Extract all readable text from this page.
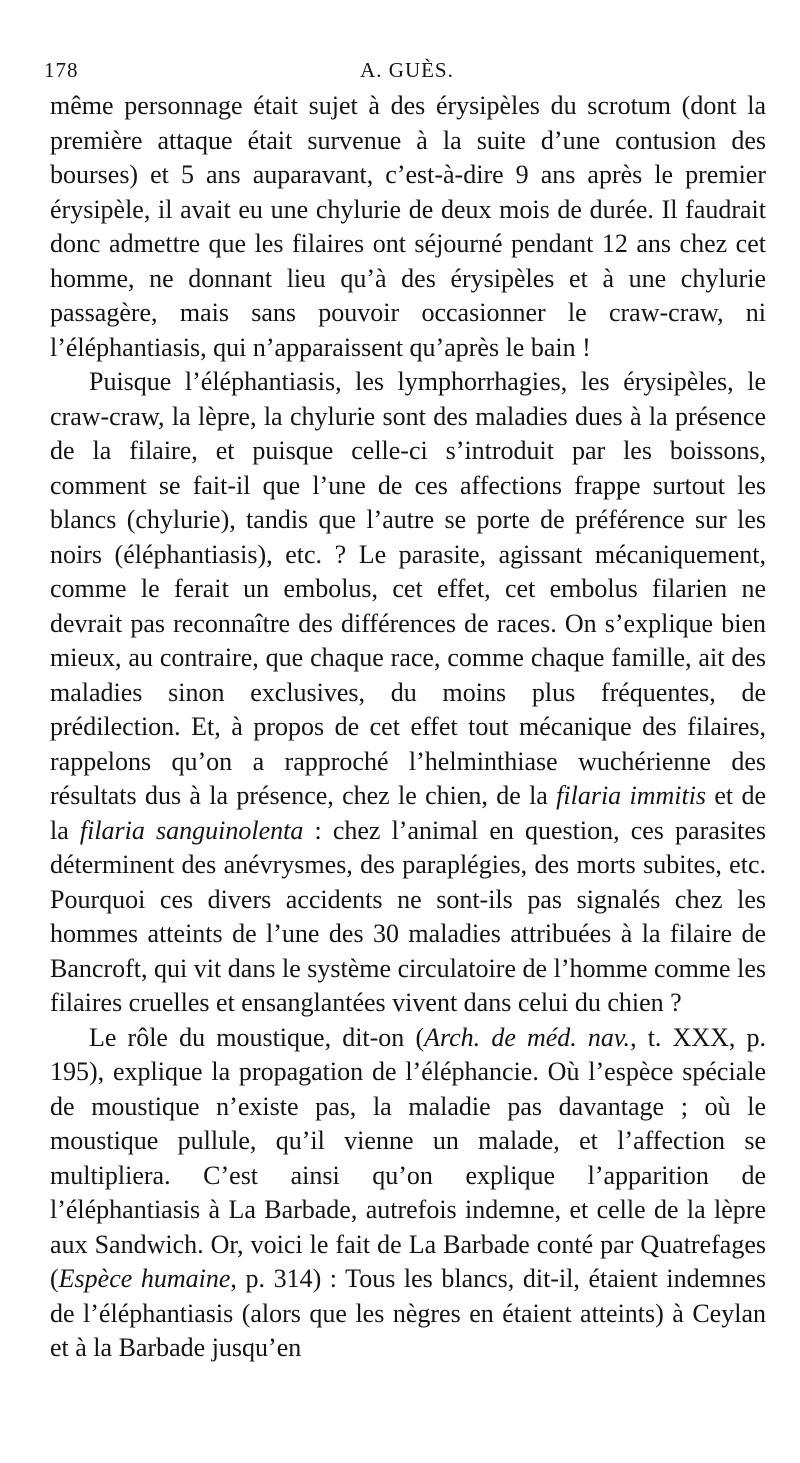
178	A. GUÈS.

même personnage était sujet à des érysipèles du scrotum (dont la première attaque était survenue à la suite d’une contusion des bourses) et 5 ans auparavant, c’est-à-dire 9 ans après le premier érysipèle, il avait eu une chylurie de deux mois de durée. Il faudrait donc admettre que les filaires ont séjourné pendant 12 ans chez cet homme, ne donnant lieu qu’à des érysipèles et à une chylurie passagère, mais sans pouvoir occasionner le craw-craw, ni l’éléphantiasis, qui n’apparaissent qu’après le bain !

Puisque l’éléphantiasis, les lymphorrhagies, les érysipèles, le craw-craw, la lèpre, la chylurie sont des maladies dues à la présence de la filaire, et puisque celle-ci s’introduit par les boissons, comment se fait-il que l’une de ces affections frappe surtout les blancs (chylurie), tandis que l’autre se porte de préférence sur les noirs (éléphantiasis), etc. ? Le parasite, agissant mécaniquement, comme le ferait un embolus, cet effet, cet embolus filarien ne devrait pas reconnaître des différences de races. On s’explique bien mieux, au contraire, que chaque race, comme chaque famille, ait des maladies sinon exclusives, du moins plus fréquentes, de prédilection. Et, à propos de cet effet tout mécanique des filaires, rappelons qu’on a rapproché l’helminthiase wuchérienne des résultats dus à la présence, chez le chien, de la filaria immitis et de la filaria sanguinolenta : chez l’animal en question, ces parasites déterminent des anévrysmes, des paraplégies, des morts subites, etc. Pourquoi ces divers accidents ne sont-ils pas signalés chez les hommes atteints de l’une des 30 maladies attribuées à la filaire de Bancroft, qui vit dans le système circulatoire de l’homme comme les filaires cruelles et ensanglantées vivent dans celui du chien ?

Le rôle du moustique, dit-on (Arch. de méd. nav., t. XXX, p. 195), explique la propagation de l’éléphancie. Où l’espèce spéciale de moustique n’existe pas, la maladie pas davantage ; où le moustique pullule, qu’il vienne un malade, et l’affection se multipliera. C’est ainsi qu’on explique l’apparition de l’éléphantiasis à La Barbade, autrefois indemne, et celle de la lèpre aux Sandwich. Or, voici le fait de La Barbade conté par Quatrefages (Espèce humaine, p. 314) : Tous les blancs, dit-il, étaient indemnes de l’éléphantiasis (alors que les nègres en étaient atteints) à Ceylan et à la Barbade jusqu’en
